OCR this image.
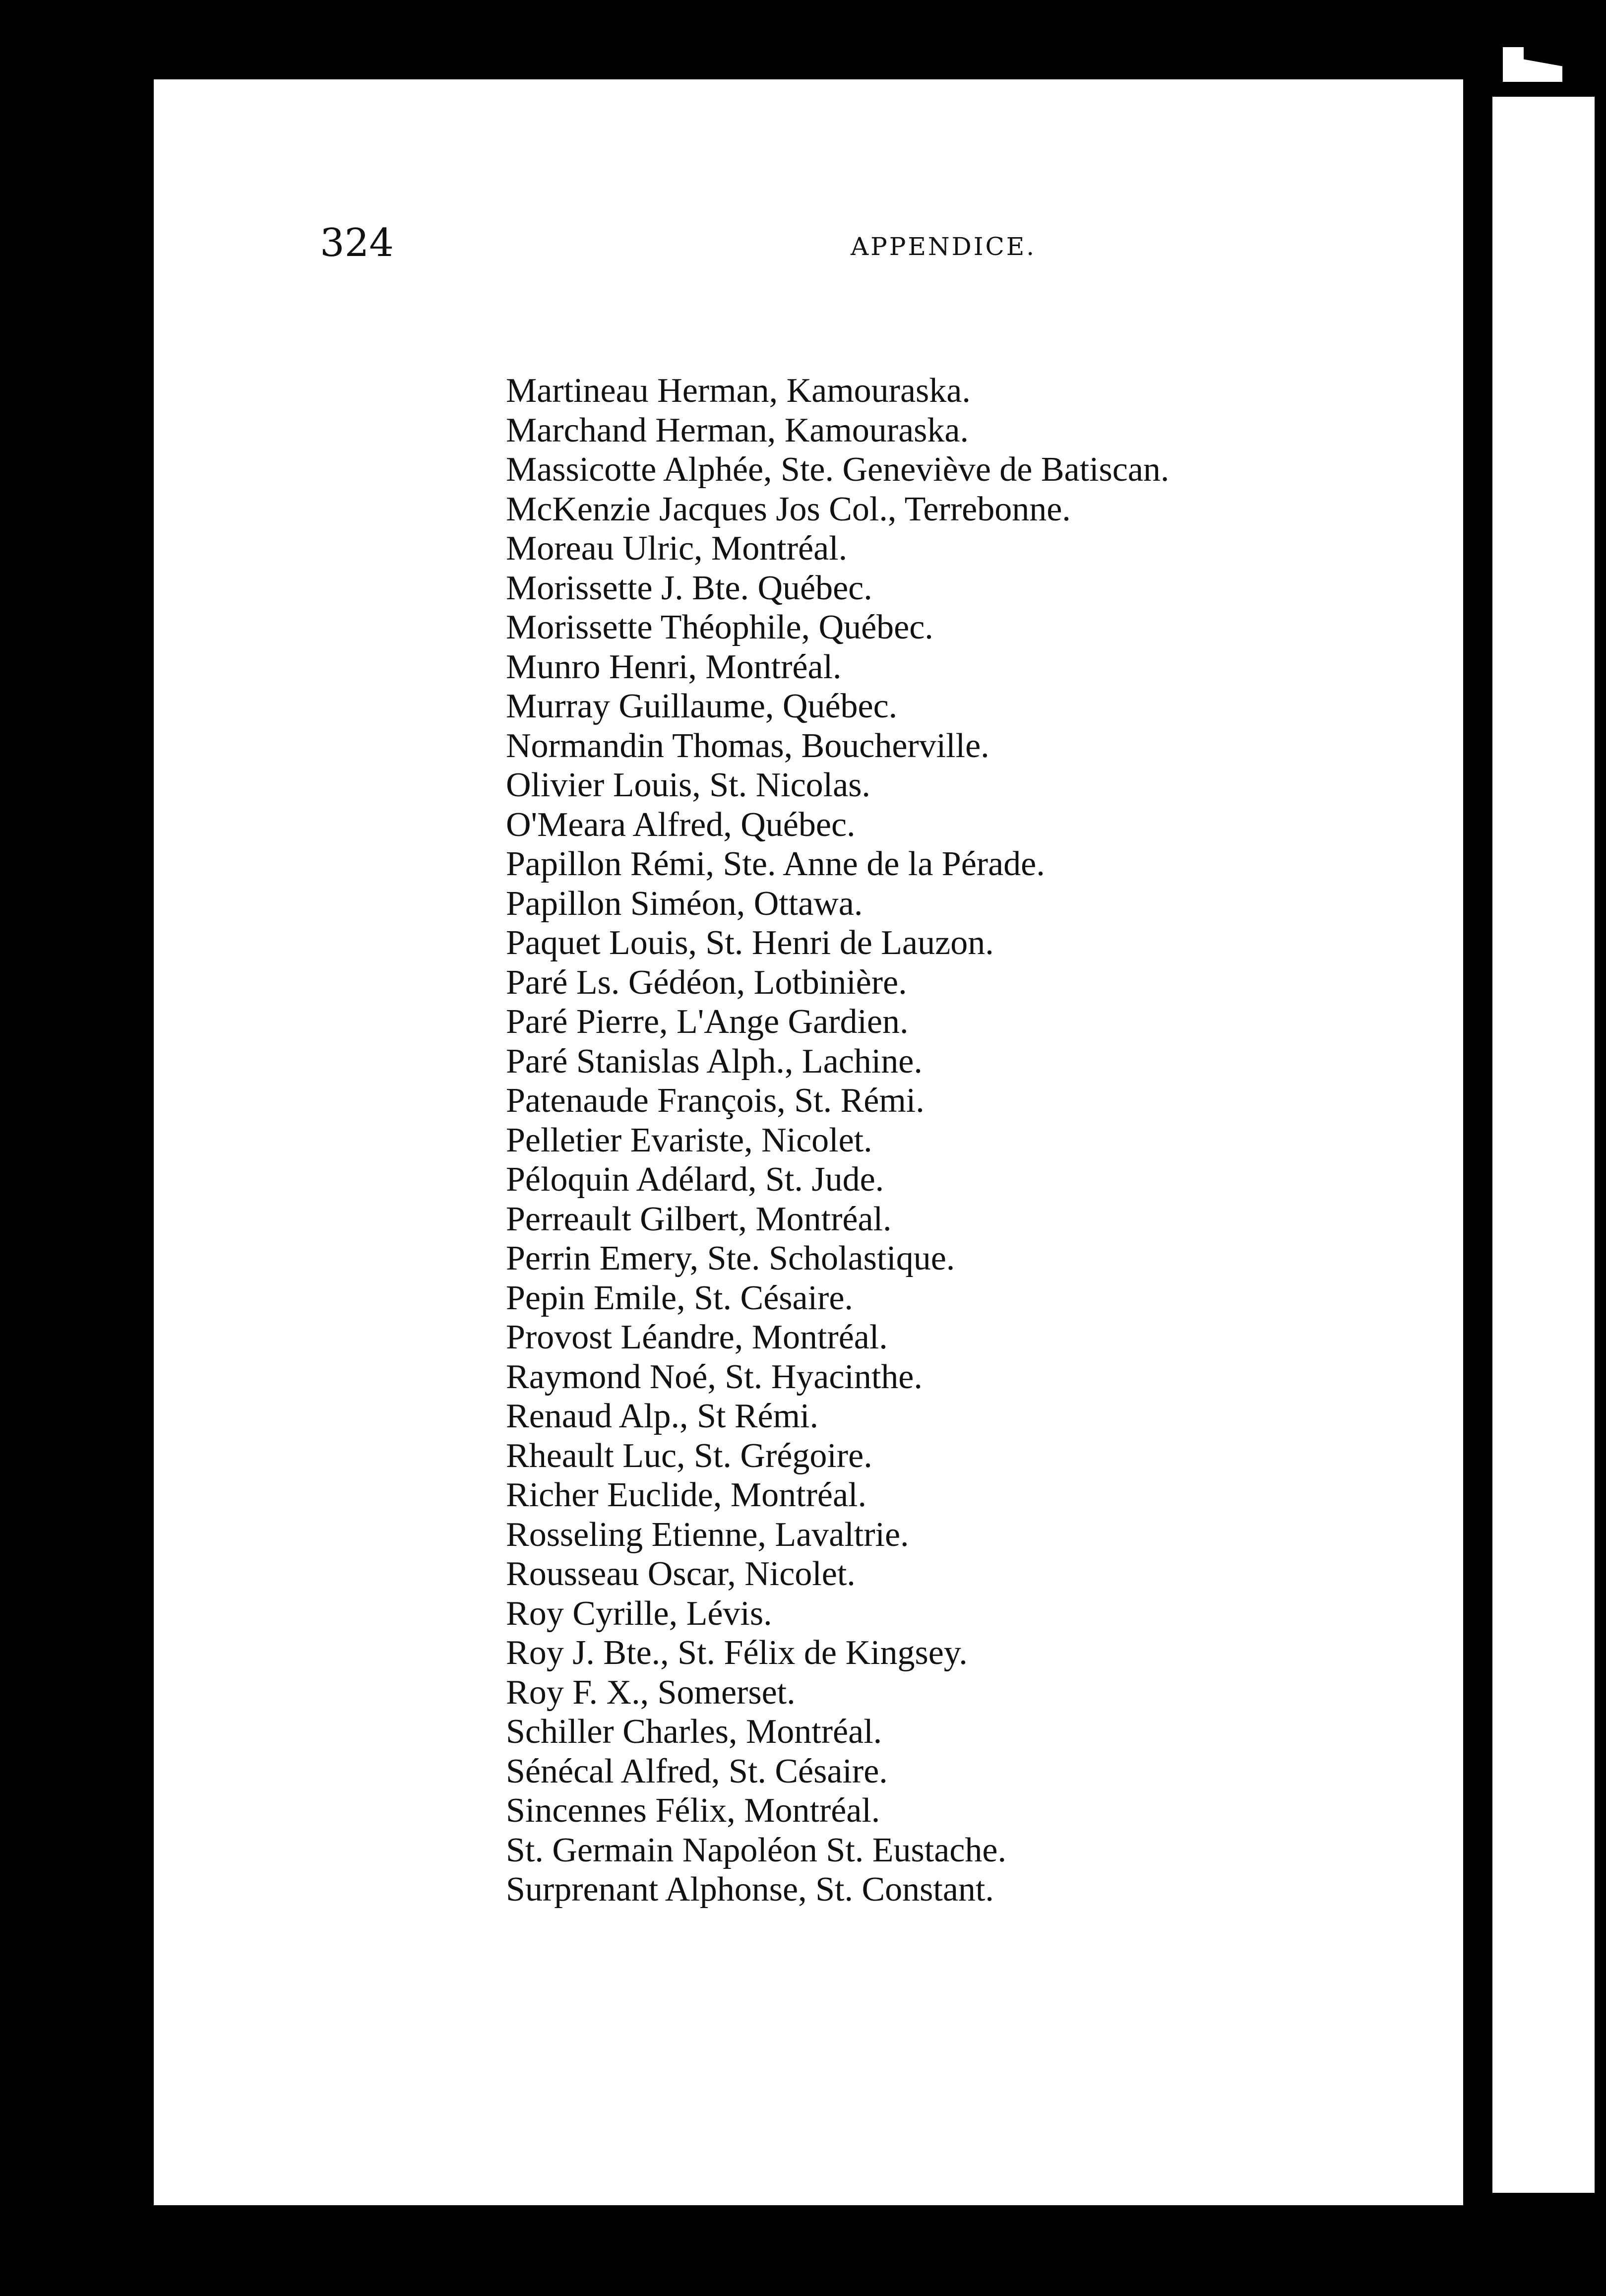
324	APPENDICE.
Martineau Herman, Kamouraska.
Marchand Herman, Kamouraska.
Massicotte Alphée, Ste. Geneviève de Batiscan.
McKenzie Jacques Jos Col., Terrebonne.
Moreau Ulric, Montréal.
Morissette J. Bte. Québec.
Morissette Théophile, Québec.
Munro Henri, Montréal.
Murray Guillaume, Québec.
Normandin Thomas, Boucherville.
Olivier Louis, St. Nicolas.
O'Meara Alfred, Québec.
Papillon Rémi, Ste. Anne de la Pérade.
Papillon Siméon, Ottawa.
Paquet Louis, St. Henri de Lauzon.
Paré Ls. Gédéon, Lotbinière.
Paré Pierre, L'Ange Gardien.
Paré Stanislas Alph., Lachine.
Patenaude François, St. Rémi.
Pelletier Evariste, Nicolet.
Péloquin Adélard, St. Jude.
Perreault Gilbert, Montréal.
Perrin Emery, Ste. Scholastique.
Pepin Emile, St. Césaire.
Provost Léandre, Montréal.
Raymond Noé, St. Hyacinthe.
Renaud Alp., St Rémi.
Rheault Luc, St. Grégoire.
Richer Euclide, Montréal.
Rosseling Etienne, Lavaltrie.
Rousseau Oscar, Nicolet.
Roy Cyrille, Lévis.
Roy J. Bte., St. Félix de Kingsey.
Roy F. X., Somerset.
Schiller Charles, Montréal.
Sénécal Alfred, St. Césaire.
Sincennes Félix, Montréal.
St. Germain Napoléon St. Eustache.
Surprenant Alphonse, St. Constant.
